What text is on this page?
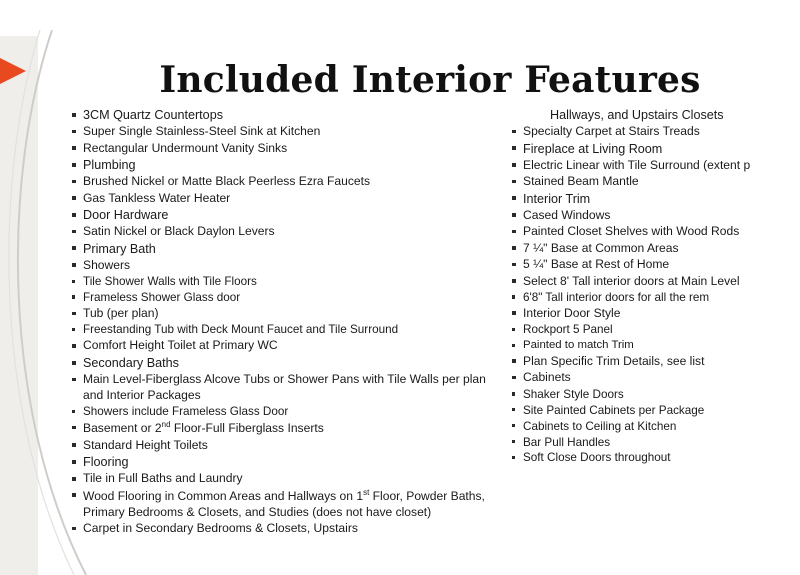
Included Interior Features
3CM Quartz Countertops
Super Single Stainless-Steel Sink at Kitchen
Rectangular Undermount Vanity Sinks
Plumbing
Brushed Nickel or Matte Black Peerless Ezra Faucets
Gas Tankless Water Heater
Door Hardware
Satin Nickel or Black Daylon Levers
Primary Bath
Showers
Tile Shower Walls with Tile Floors
Frameless Shower Glass door
Tub (per plan)
Freestanding Tub with Deck Mount Faucet and Tile Surround
Comfort Height Toilet at Primary WC
Secondary Baths
Main Level-Fiberglass Alcove Tubs or Shower Pans with Tile Walls per plan and Interior Packages
Showers include Frameless Glass Door
Basement or 2nd Floor-Full Fiberglass Inserts
Standard Height Toilets
Flooring
Tile in Full Baths and Laundry
Wood Flooring in Common Areas and Hallways on 1st Floor, Powder Baths, Primary Bedrooms & Closets, and Studies (does not have closet)
Carpet in Secondary Bedrooms & Closets, Upstairs
Hallways, and Upstairs Closets
Specialty Carpet at Stairs Treads
Fireplace at Living Room
Electric Linear with Tile Surround (extent p
Stained Beam Mantle
Interior Trim
Cased Windows
Painted Closet Shelves with Wood Rods
7 ¼" Base at Common Areas
5 ¼" Base at Rest of Home
Select 8' Tall interior doors at Main Level
6'8" Tall interior doors for all the rem
Interior Door Style
Rockport 5 Panel
Painted to match Trim
Plan Specific Trim Details, see list
Cabinets
Shaker Style Doors
Site Painted Cabinets per Package
Cabinets to Ceiling at Kitchen
Bar Pull Handles
Soft Close Doors throughout
